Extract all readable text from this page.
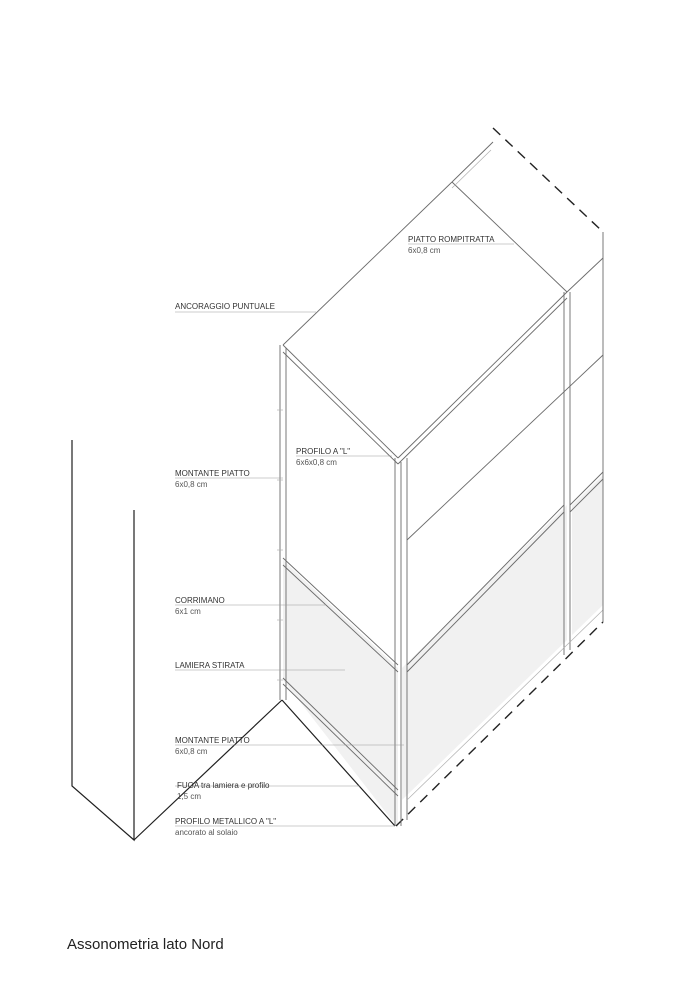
PIATTO ROMPITRATTA
6x0,8 cm
ANCORAGGIO PUNTUALE
PROFILO A "L"
6x6x0,8 cm
MONTANTE PIATTO
6x0,8 cm
CORRIMANO
6x1 cm
LAMIERA STIRATA
MONTANTE PIATTO
6x0,8 cm
FUGA tra lamiera e profilo
1,5 cm
PROFILO METALLICO A "L"
ancorato al solaio
Assonometria lato Nord
